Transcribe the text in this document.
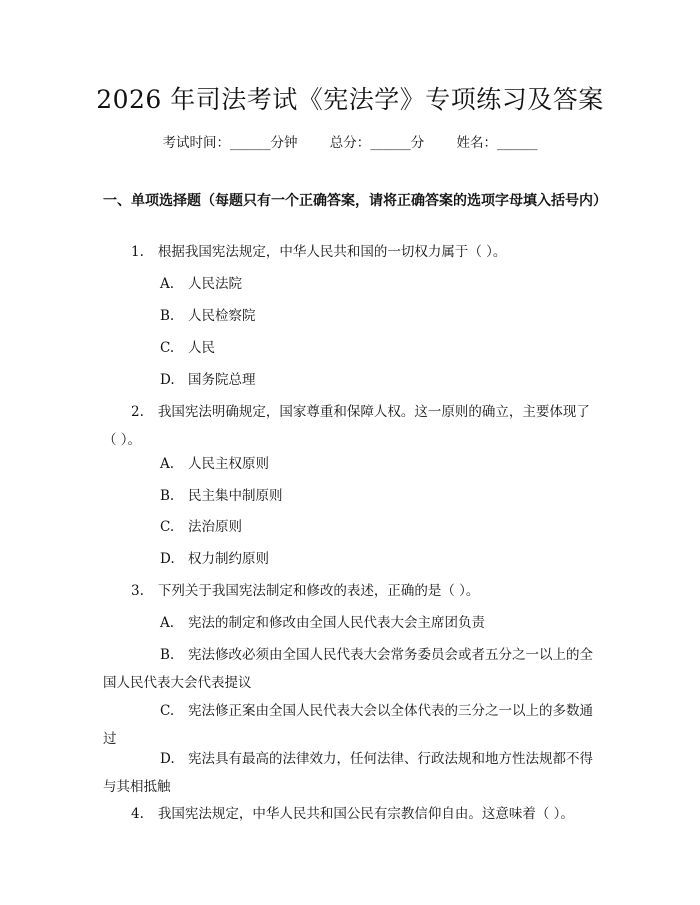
2026 年司法考试《宪法学》专项练习及答案
考试时间：______分钟 总分：______分 姓名：______
一、单项选择题（每题只有一个正确答案，请将正确答案的选项字母填入括号内）
1. 根据我国宪法规定，中华人民共和国的一切权力属于（ ）。
A. 人民法院
B. 人民检察院
C. 人民
D. 国务院总理
2. 我国宪法明确规定，国家尊重和保障人权。这一原则的确立，主要体现了（ ）。
A. 人民主权原则
B. 民主集中制原则
C. 法治原则
D. 权力制约原则
3. 下列关于我国宪法制定和修改的表述，正确的是（ ）。
A. 宪法的制定和修改由全国人民代表大会主席团负责
B. 宪法修改必须由全国人民代表大会常务委员会或者五分之一以上的全国人民代表大会代表提议
C. 宪法修正案由全国人民代表大会以全体代表的三分之一以上的多数通过
D. 宪法具有最高的法律效力，任何法律、行政法规和地方性法规都不得与其相抵触
4. 我国宪法规定，中华人民共和国公民有宗教信仰自由。这意味着（ ）。
